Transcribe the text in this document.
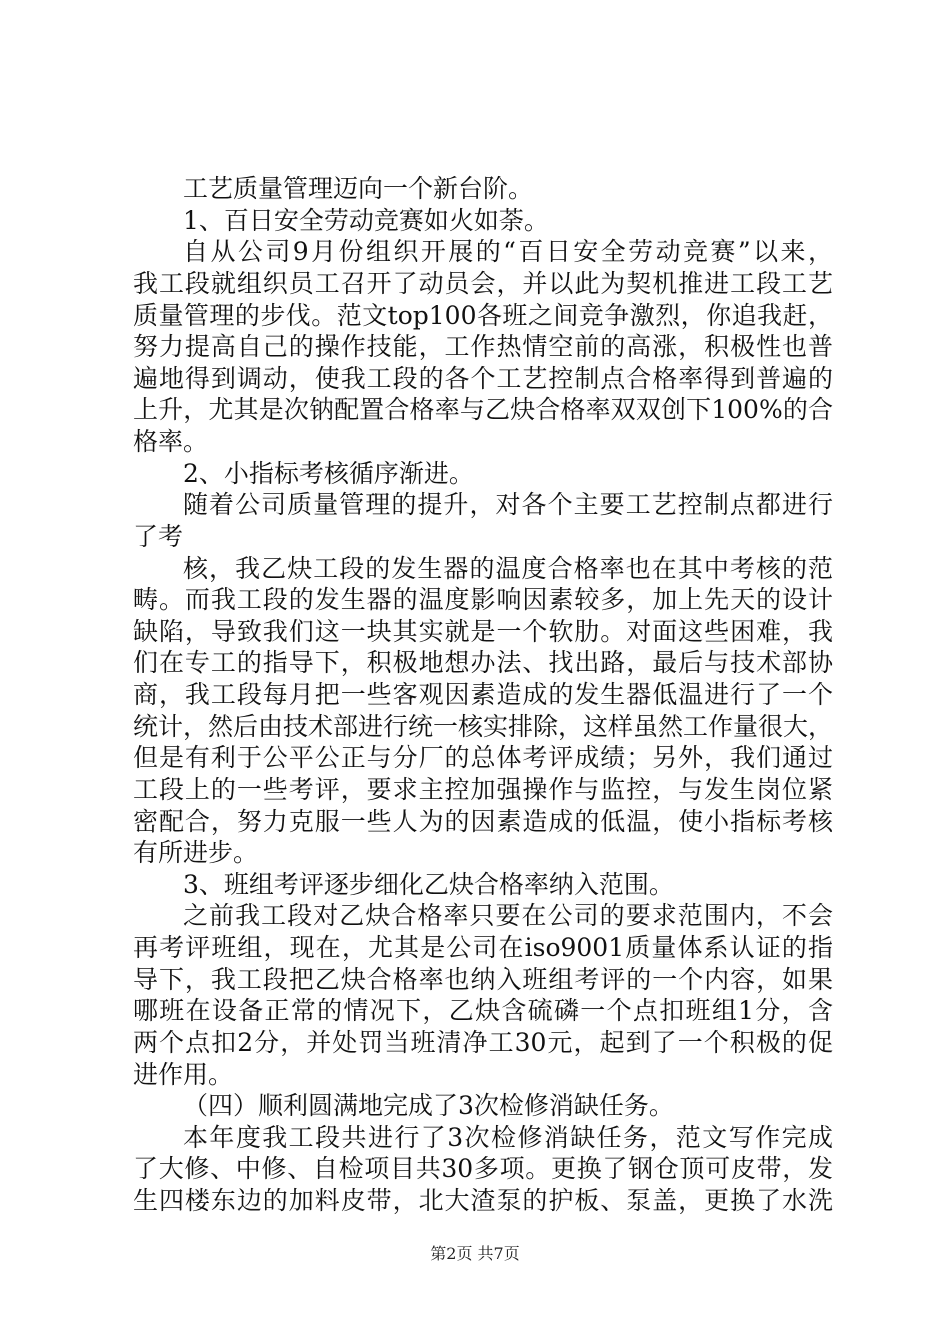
工艺质量管理迈向一个新台阶。
1、百日安全劳动竞赛如火如荼。
自从公司9月份组织开展的“百日安全劳动竞赛”以来，
我工段就组织员工召开了动员会，并以此为契机推进工段工艺
质量管理的步伐。范文top100各班之间竞争激烈，你追我赶，
努力提高自己的操作技能，工作热情空前的高涨，积极性也普
遍地得到调动，使我工段的各个工艺控制点合格率得到普遍的
上升，尤其是次钠配置合格率与乙炔合格率双双创下100%的合
格率。
2、小指标考核循序渐进。
随着公司质量管理的提升，对各个主要工艺控制点都进行
了考
核，我乙炔工段的发生器的温度合格率也在其中考核的范
畴。而我工段的发生器的温度影响因素较多，加上先天的设计
缺陷，导致我们这一块其实就是一个软肋。对面这些困难，我
们在专工的指导下，积极地想办法、找出路，最后与技术部协
商，我工段每月把一些客观因素造成的发生器低温进行了一个
统计，然后由技术部进行统一核实排除，这样虽然工作量很大，
但是有利于公平公正与分厂的总体考评成绩；另外，我们通过
工段上的一些考评，要求主控加强操作与监控，与发生岗位紧
密配合，努力克服一些人为的因素造成的低温，使小指标考核
有所进步。
3、班组考评逐步细化乙炔合格率纳入范围。
之前我工段对乙炔合格率只要在公司的要求范围内，不会
再考评班组，现在，尤其是公司在iso9001质量体系认证的指
导下，我工段把乙炔合格率也纳入班组考评的一个内容，如果
哪班在设备正常的情况下，乙炔含硫磷一个点扣班组1分，含
两个点扣2分，并处罚当班清净工30元，起到了一个积极的促
进作用。
（四）顺利圆满地完成了3次检修消缺任务。
本年度我工段共进行了3次检修消缺任务，范文写作完成
了大修、中修、自检项目共30多项。更换了钢仓顶可皮带，发
生四楼东边的加料皮带，北大渣泵的护板、泵盖，更换了水洗
第2页 共7页
